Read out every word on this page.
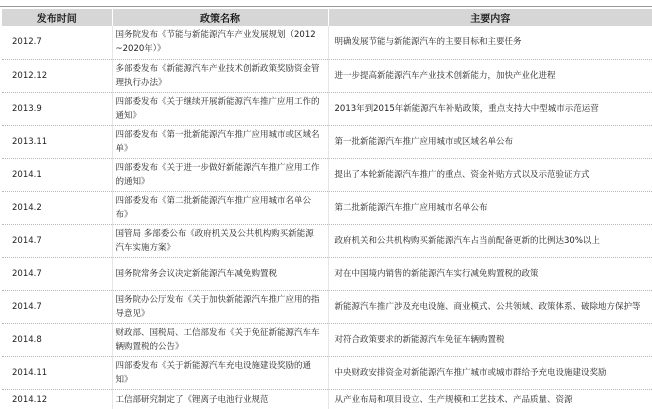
发布时间	政策名称	主要内容
2012.7	国务院发布《节能与新能源汽车产业发展规划（2012~2020年）》	明确发展节能与新能源汽车的主要目标和主要任务
2012.12	多部委发布《新能源汽车产业技术创新政策奖励资金管理执行办法》	进一步提高新能源汽车产业技术创新能力，加快产业化进程
2013.9	四部委发布《关于继续开展新能源汽车推广应用工作的通知》	2013年到2015年新能源汽车补贴政策，重点支持大中型城市示范运营
2013.11	四部委发布《第一批新能源汽车推广应用城市或区域名单》	第一批新能源汽车推广应用城市或区域名单公布
2014.1	四部委发布《关于进一步做好新能源汽车推广应用工作的通知》	提出了本轮新能源汽车推广的重点、资金补贴方式以及示范验证方式
2014.2	四部委发布《第二批新能源汽车推广应用城市名单公布》	第二批新能源汽车推广应用城市名单公布
2014.7	国管局 多部委公布《政府机关及公共机构购买新能源汽车实施方案》	政府机关和公共机构购买新能源汽车占当前配备更新的比例达30%以上
2014.7	国务院常务会议决定新能源汽车减免购置税	对在中国境内销售的新能源汽车实行减免购置税的政策
2014.7	国务院办公厅发布《关于加快新能源汽车推广应用的指导意见》	新能源汽车推广涉及充电设施、商业模式、公共领域、政策体系、破除地方保护等
2014.8	财政部、国税局、工信部发布《关于免征新能源汽车车辆购置税的公告》	对符合政策要求的新能源汽车免征车辆购置税
2014.11	四部委发布《关于新能源汽车充电设施建设奖励的通知》	中央财政安排资金对新能源汽车推广城市或城市群给予充电设施建设奖励
2014.12	工信部研究制定了《锂离子电池行业规范	从产业布局和项目设立、生产规模和工艺技术、产品质量、资源
